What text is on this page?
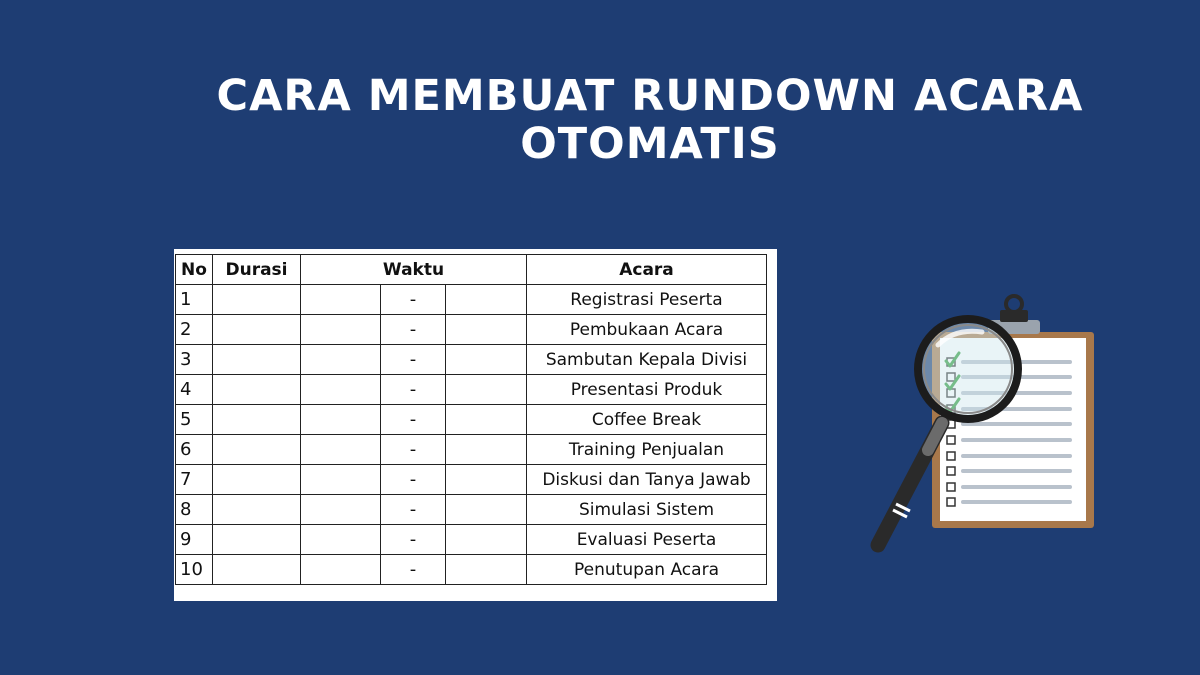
CARA MEMBUAT RUNDOWN ACARA
OTOMATIS
No	Durasi	Waktu			Acara
1			-		Registrasi Peserta
2			-		Pembukaan Acara
3			-		Sambutan Kepala Divisi
4			-		Presentasi Produk
5			-		Coffee Break
6			-		Training Penjualan
7			-		Diskusi dan Tanya Jawab
8			-		Simulasi Sistem
9			-		Evaluasi Peserta
10			-		Penutupan Acara
